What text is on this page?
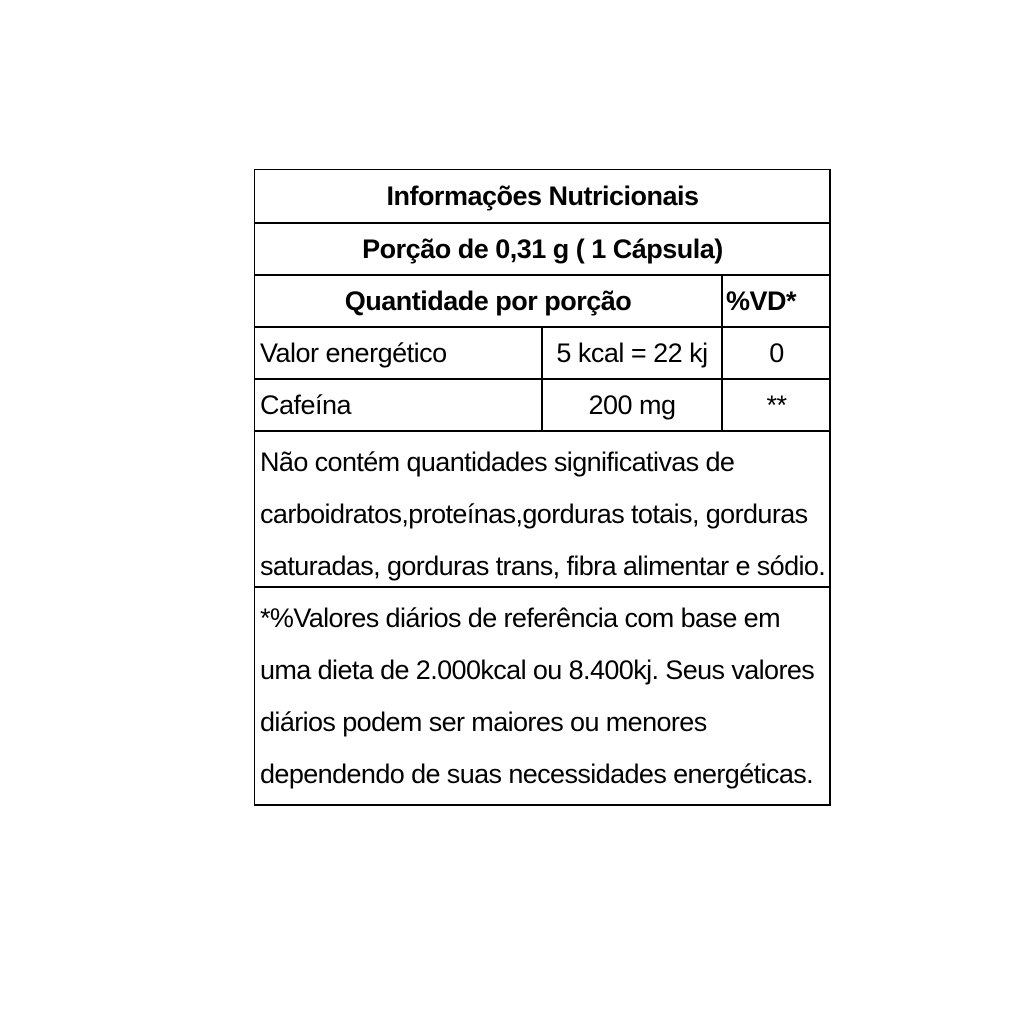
Informações Nutricionais
Porção de 0,31 g ( 1 Cápsula)
Quantidade por porção	%VD*
Valor energético	5 kcal = 22 kj	0
Cafeína	200 mg	**
Não contém quantidades significativas de
carboidratos,proteínas,gorduras totais, gorduras
saturadas, gorduras trans, fibra alimentar e sódio.
*%Valores diários de referência com base em
uma dieta de 2.000kcal ou 8.400kj. Seus valores
diários podem ser maiores ou menores
dependendo de suas necessidades energéticas.
